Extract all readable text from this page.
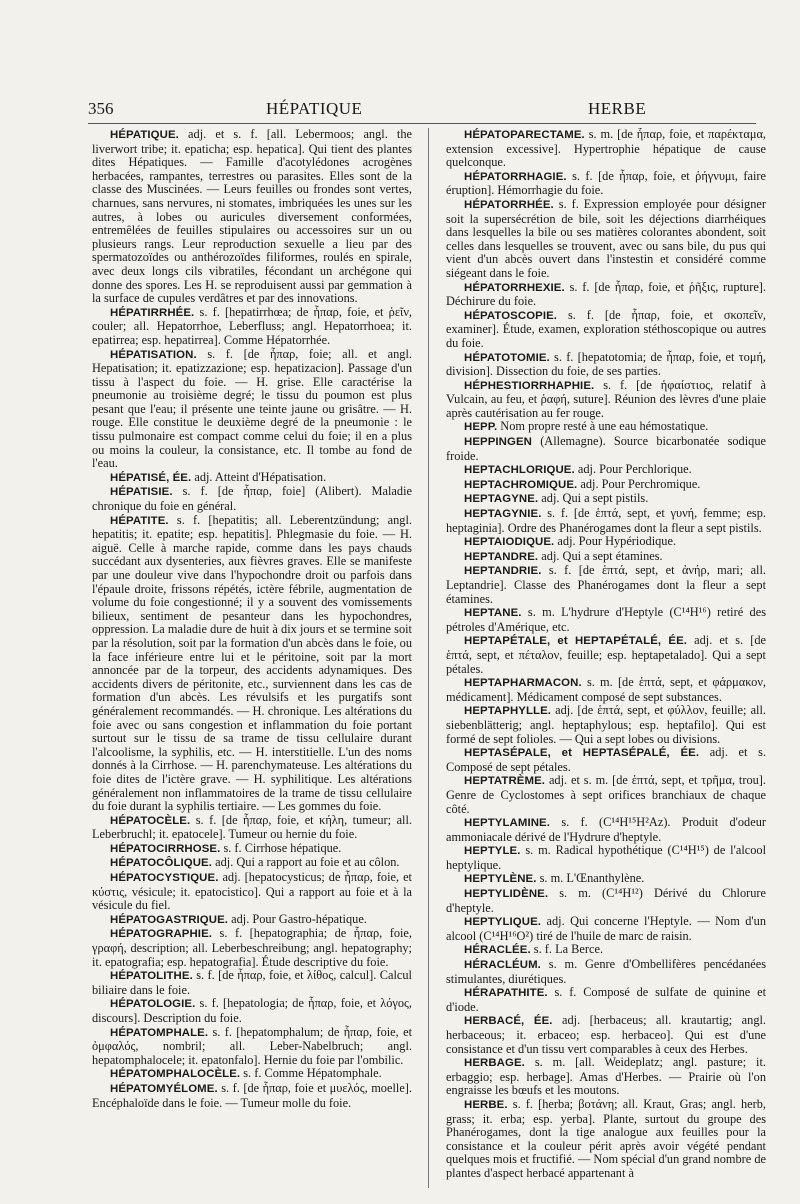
356	HÉPATIQUE	HERBE

HÉPATIQUE. adj. et s. f. [all. Lebermoos; angl. the liverwort tribe; it. epaticha; esp. hepatica]. Qui tient des plantes dites Hépatiques. — Famille d'acotylédones acrogènes herbacées, rampantes, terrestres ou parasites. Elles sont de la classe des Muscinées. — Leurs feuilles ou frondes sont vertes, charnues, sans nervures, ni stomates, imbriquées les unes sur les autres, à lobes ou auricules diversement conformées, entremêlées de feuilles stipulaires ou accessoires sur un ou plusieurs rangs. Leur reproduction sexuelle a lieu par des spermatozoïdes ou anthérozoïdes filiformes, roulés en spirale, avec deux longs cils vibratiles, fécondant un archégone qui donne des spores. Les H. se reproduisent aussi par gemmation à la surface de cupules verdâtres et par des innovations.

HÉPATIRRHÉE. s. f. [hepatirrhœa; de ἧπαρ, foie, et ῥεῖν, couler; all. Hepatorrhoe, Leberfluss; angl. Hepatorrhoea; it. epatirrea; esp. hepatirrea]. Comme Hépatorrhée.

HÉPATISATION. s. f. [de ἧπαρ, foie; all. et angl. Hepatisation; it. epatizzazione; esp. hepatizacion]. Passage d'un tissu à l'aspect du foie. — H. grise. Elle caractérise la pneumonie au troisième degré; le tissu du poumon est plus pesant que l'eau; il présente une teinte jaune ou grisâtre. — H. rouge. Elle constitue le deuxième degré de la pneumonie : le tissu pulmonaire est compact comme celui du foie; il en a plus ou moins la couleur, la consistance, etc. Il tombe au fond de l'eau.

HÉPATISÉ, ÉE. adj. Atteint d'Hépatisation.

HÉPATISIE. s. f. [de ἧπαρ, foie] (Alibert). Maladie chronique du foie en général.

HÉPATITE. s. f. [hepatitis; all. Leberentzündung; angl. hepatitis; it. epatite; esp. hepatitis]. Phlegmasie du foie. — H. aiguë. Celle à marche rapide, comme dans les pays chauds succédant aux dysenteries, aux fièvres graves. Elle se manifeste par une douleur vive dans l'hypochondre droit ou parfois dans l'épaule droite, frissons répétés, ictère fébrile, augmentation de volume du foie congestionné; il y a souvent des vomissements bilieux, sentiment de pesanteur dans les hypochondres, oppression. La maladie dure de huit à dix jours et se termine soit par la résolution, soit par la formation d'un abcès dans le foie, ou la face inférieure entre lui et le péritoine, soit par la mort annoncée par de la torpeur, des accidents adynamiques. Des accidents divers de péritonite, etc., surviennent dans les cas de formation d'un abcès. Les révulsifs et les purgatifs sont généralement recommandés. — H. chronique. Les altérations du foie avec ou sans congestion et inflammation du foie portant surtout sur le tissu de sa trame de tissu cellulaire durant l'alcoolisme, la syphilis, etc. — H. interstitielle. L'un des noms donnés à la Cirrhose. — H. parenchymateuse. Les altérations du foie dites de l'ictère grave. — H. syphilitique. Les altérations généralement non inflammatoires de la trame de tissu cellulaire du foie durant la syphilis tertiaire. — Les gommes du foie.

HÉPATOCÈLE. s. f. [de ἧπαρ, foie, et κήλη, tumeur; all. Leberbruchl; it. epatocele]. Tumeur ou hernie du foie.

HÉPATOCIRRHOSE. s. f. Cirrhose hépatique.

HÉPATOCÔLIQUE. adj. Qui a rapport au foie et au côlon.

HÉPATOCYSTIQUE. adj. [hepatocysticus; de ἧπαρ, foie, et κύστις, vésicule; it. epatocistico]. Qui a rapport au foie et à la vésicule du fiel.

HÉPATOGASTRIQUE. adj. Pour Gastro-hépatique.

HÉPATOGRAPHIE. s. f. [hepatographia; de ἧπαρ, foie, γραφή, description; all. Leberbeschreibung; angl. hepatography; it. epatografia; esp. hepatografia]. Étude descriptive du foie.

HÉPATOLITHE. s. f. [de ἧπαρ, foie, et λίθος, calcul]. Calcul biliaire dans le foie.

HÉPATOLOGIE. s. f. [hepatologia; de ἧπαρ, foie, et λόγος, discours]. Description du foie.

HÉPATOMPHALE. s. f. [hepatomphalum; de ἧπαρ, foie, et ὀμφαλός, nombril; all. Leber-Nabelbruch; angl. hepatomphalocele; it. epatonfalo]. Hernie du foie par l'ombilic.

HÉPATOMPHALOCÈLE. s. f. Comme Hépatomphale.

HÉPATOMYÉLOME. s. f. [de ἧπαρ, foie et μυελός, moelle]. Encéphaloïde dans le foie. — Tumeur molle du foie.

HÉPATOPARECTAME. s. m. [de ἧπαρ, foie, et παρέκταμα, extension excessive]. Hypertrophie hépatique de cause quelconque.

HÉPATORRHAGIE. s. f. [de ἧπαρ, foie, et ῥήγνυμι, faire éruption]. Hémorrhagie du foie.

HÉPATORRHÉE. s. f. Expression employée pour désigner soit la supersécrétion de bile, soit les déjections diarrhéiques dans lesquelles la bile ou ses matières colorantes abondent, soit celles dans lesquelles se trouvent, avec ou sans bile, du pus qui vient d'un abcès ouvert dans l'instestin et considéré comme siégeant dans le foie.

HÉPATORRHEXIE. s. f. [de ἧπαρ, foie, et ῥῆξις, rupture]. Déchirure du foie.

HÉPATOSCOPIE. s. f. [de ἧπαρ, foie, et σκοπεῖν, examiner]. Étude, examen, exploration stéthoscopique ou autres du foie.

HÉPATOTOMIE. s. f. [hepatotomia; de ἧπαρ, foie, et τομή, division]. Dissection du foie, de ses parties.

HÉPHESTIORRHAPHIE. s. f. [de ἡφαίστιος, relatif à Vulcain, au feu, et ῥαφή, suture]. Réunion des lèvres d'une plaie après cautérisation au fer rouge.

HEPP. Nom propre resté à une eau hémostatique.

HEPPINGEN (Allemagne). Source bicarbonatée sodique froide.

HEPTACHLORIQUE. adj. Pour Perchlorique.

HEPTACHROMIQUE. adj. Pour Perchromique.

HEPTAGYNE. adj. Qui a sept pistils.

HEPTAGYNIE. s. f. [de ἑπτά, sept, et γυνή, femme; esp. heptaginia]. Ordre des Phanérogames dont la fleur a sept pistils.

HEPTAIODIQUE. adj. Pour Hypériodique.

HEPTANDRE. adj. Qui a sept étamines.

HEPTANDRIE. s. f. [de ἑπτά, sept, et ἀνήρ, mari; all. Leptandrie]. Classe des Phanérogames dont la fleur a sept étamines.

HEPTANE. s. m. L'hydrure d'Heptyle (C¹⁴H¹⁶) retiré des pétroles d'Amérique, etc.

HEPTAPÉTALE, et HEPTAPÉTALÉ, ÉE. adj. et s. [de ἑπτά, sept, et πέταλον, feuille; esp. heptapetalado]. Qui a sept pétales.

HEPTAPHARMACON. s. m. [de ἑπτά, sept, et φάρμακον, médicament]. Médicament composé de sept substances.

HEPTAPHYLLE. adj. [de ἑπτά, sept, et φύλλον, feuille; all. siebenblätterig; angl. heptaphylous; esp. heptafilo]. Qui est formé de sept folioles. — Qui a sept lobes ou divisions.

HEPTASÉPALE, et HEPTASÉPALÉ, ÉE. adj. et s. Composé de sept pétales.

HEPTATRÈME. adj. et s. m. [de ἑπτά, sept, et τρῆμα, trou]. Genre de Cyclostomes à sept orifices branchiaux de chaque côté.

HEPTYLAMINE. s. f. (C¹⁴H¹⁵H²Az). Produit d'odeur ammoniacale dérivé de l'Hydrure d'heptyle.

HEPTYLE. s. m. Radical hypothétique (C¹⁴H¹⁵) de l'alcool heptylique.

HEPTYLÈNE. s. m. L'Œnanthylène.

HEPTYLIDÈNE. s. m. (C¹⁴H¹²) Dérivé du Chlorure d'heptyle.

HEPTYLIQUE. adj. Qui concerne l'Heptyle. — Nom d'un alcool (C¹⁴H¹⁶O²) tiré de l'huile de marc de raisin.

HÉRACLÉE. s. f. La Berce.

HÉRACLÉUM. s. m. Genre d'Ombellifères pencédanées stimulantes, diurétiques.

HÉRAPATHITE. s. f. Composé de sulfate de quinine et d'iode.

HERBACÉ, ÉE. adj. [herbaceus; all. krautartig; angl. herbaceous; it. erbaceo; esp. herbaceo]. Qui est d'une consistance et d'un tissu vert comparables à ceux des Herbes.

HERBAGE. s. m. [all. Weideplatz; angl. pasture; it. erbaggio; esp. herbage]. Amas d'Herbes. — Prairie où l'on engraisse les bœufs et les moutons.

HERBE. s. f. [herba; βοτάνη; all. Kraut, Gras; angl. herb, grass; it. erba; esp. yerba]. Plante, surtout du groupe des Phanérogames, dont la tige analogue aux feuilles pour la consistance et la couleur périt après avoir végété pendant quelques mois et fructifié. — Nom spécial d'un grand nombre de plantes d'aspect herbacé appartenant à
